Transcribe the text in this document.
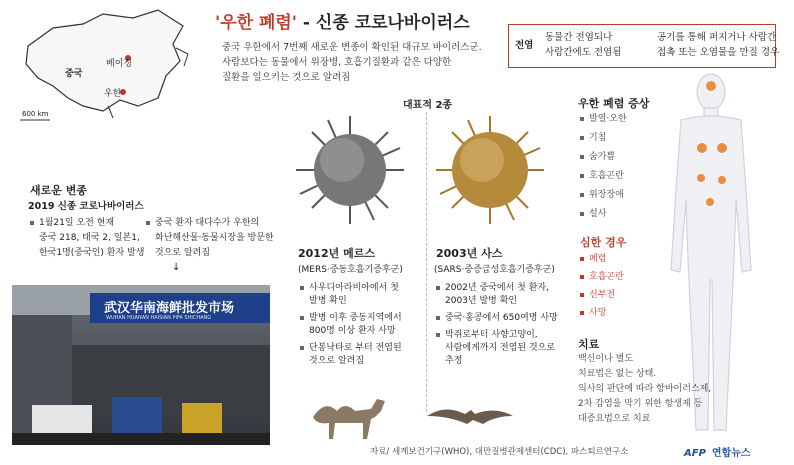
중국
베이징
우한
600 km
'우한 폐렴' - 신종 코로나바이러스
중국 우한에서 7번째 새로운 변종이 확인된 대규모 바이러스군.
사람보다는 동물에서 위장병, 호흡기질환과 같은 다양한
질환을 일으키는 것으로 알려짐
전염
동물간 전염되나
사람간에도 전염됨
공기를 통해 퍼지거나 사람간
접촉 또는 오염물을 만질 경우
대표적 2종
새로운 변종
2019 신종 코로나바이러스
1월21일 오전 현재
중국 218, 태국 2, 일본1,
한국1명(중국인) 환자 발생
중국 환자 대다수가 우한의
화난해산물·동물시장을 방문한
것으로 알려짐
↓
武汉华南海鲜批发市场
WUHAN HUANAN HAISIAN PIFA SHICHANG
2012년 메르스
(MERS·중동호흡기증후군)
사우디아라비아에서 첫
발병 확인
발병 이후 중동지역에서
800명 이상 환자 사망
단봉낙타로 부터 전염된
것으로 알려짐
2003년 사스
(SARS·중증급성호흡기증후군)
2002년 중국에서 첫 환자,
2003년 발병 확인
중국·홍콩에서 650여명 사망
박쥐로부터 사향고양이,
사람에게까지 전염된 것으로
추정
우한 폐렴 증상
발열·오한
기침
숨가쁨
호흡곤란
위장장애
설사
심한 경우
폐렴
호흡곤란
신부전
사망
치료
백신이나 별도
치료법은 없는 상태.
의사의 판단에 따라 항바이러스제,
2차 감염을 막기 위한 항생제 등
대증요법으로 치료
자료/ 세계보건기구(WHO), 대만질병관제센터(CDC), 파스퇴르연구소	AFP 연합뉴스
